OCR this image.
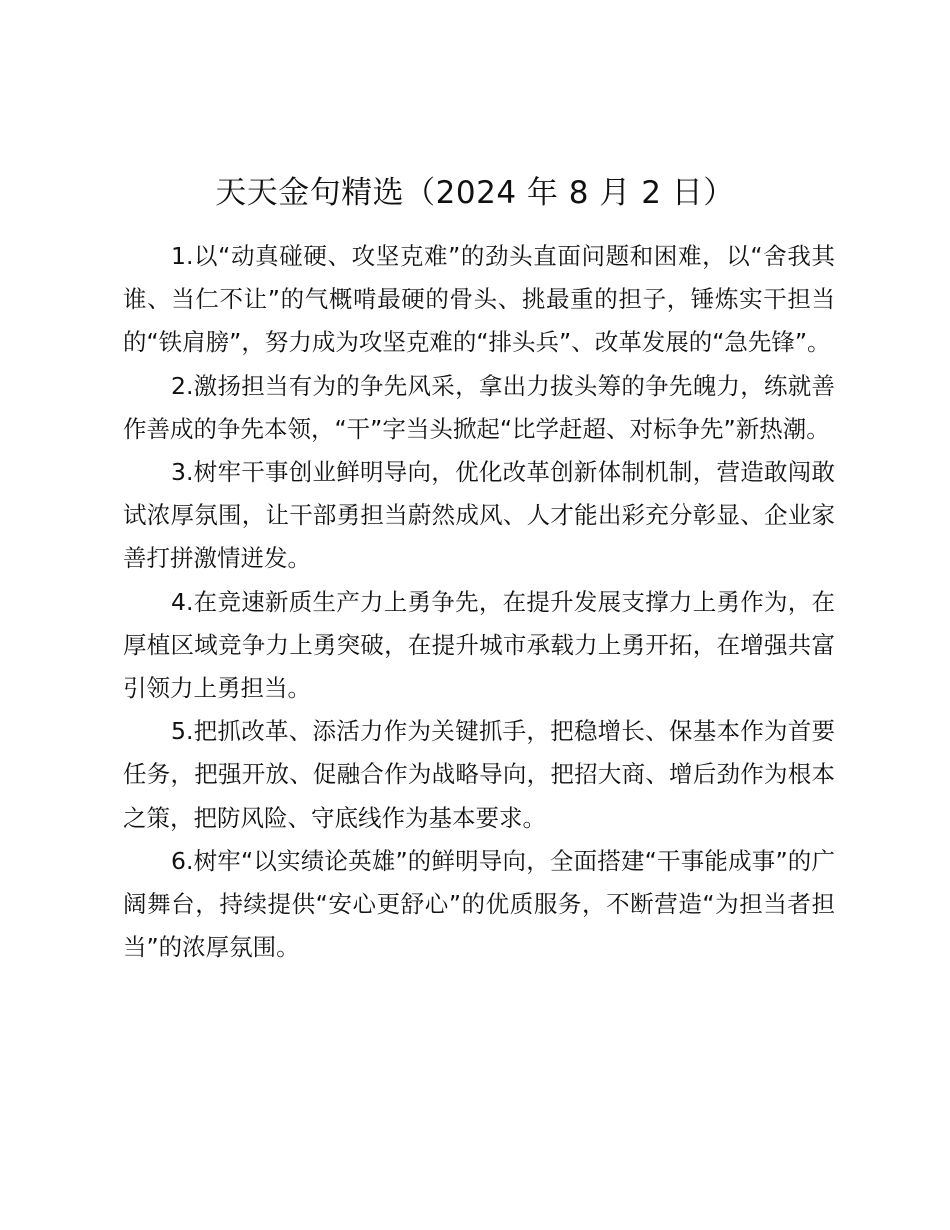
天天金句精选（2024 年 8 月 2 日）

1.以“动真碰硬、攻坚克难”的劲头直面问题和困难，以“舍我其谁、当仁不让”的气概啃最硬的骨头、挑最重的担子，锤炼实干担当的“铁肩膀”，努力成为攻坚克难的“排头兵”、改革发展的“急先锋”。

2.激扬担当有为的争先风采，拿出力拔头筹的争先魄力，练就善作善成的争先本领，“干”字当头掀起“比学赶超、对标争先”新热潮。

3.树牢干事创业鲜明导向，优化改革创新体制机制，营造敢闯敢试浓厚氛围，让干部勇担当蔚然成风、人才能出彩充分彰显、企业家善打拼激情迸发。

4.在竞速新质生产力上勇争先，在提升发展支撑力上勇作为，在厚植区域竞争力上勇突破，在提升城市承载力上勇开拓，在增强共富引领力上勇担当。

5.把抓改革、添活力作为关键抓手，把稳增长、保基本作为首要任务，把强开放、促融合作为战略导向，把招大商、增后劲作为根本之策，把防风险、守底线作为基本要求。

6.树牢“以实绩论英雄”的鲜明导向，全面搭建“干事能成事”的广阔舞台，持续提供“安心更舒心”的优质服务，不断营造“为担当者担当”的浓厚氛围。
